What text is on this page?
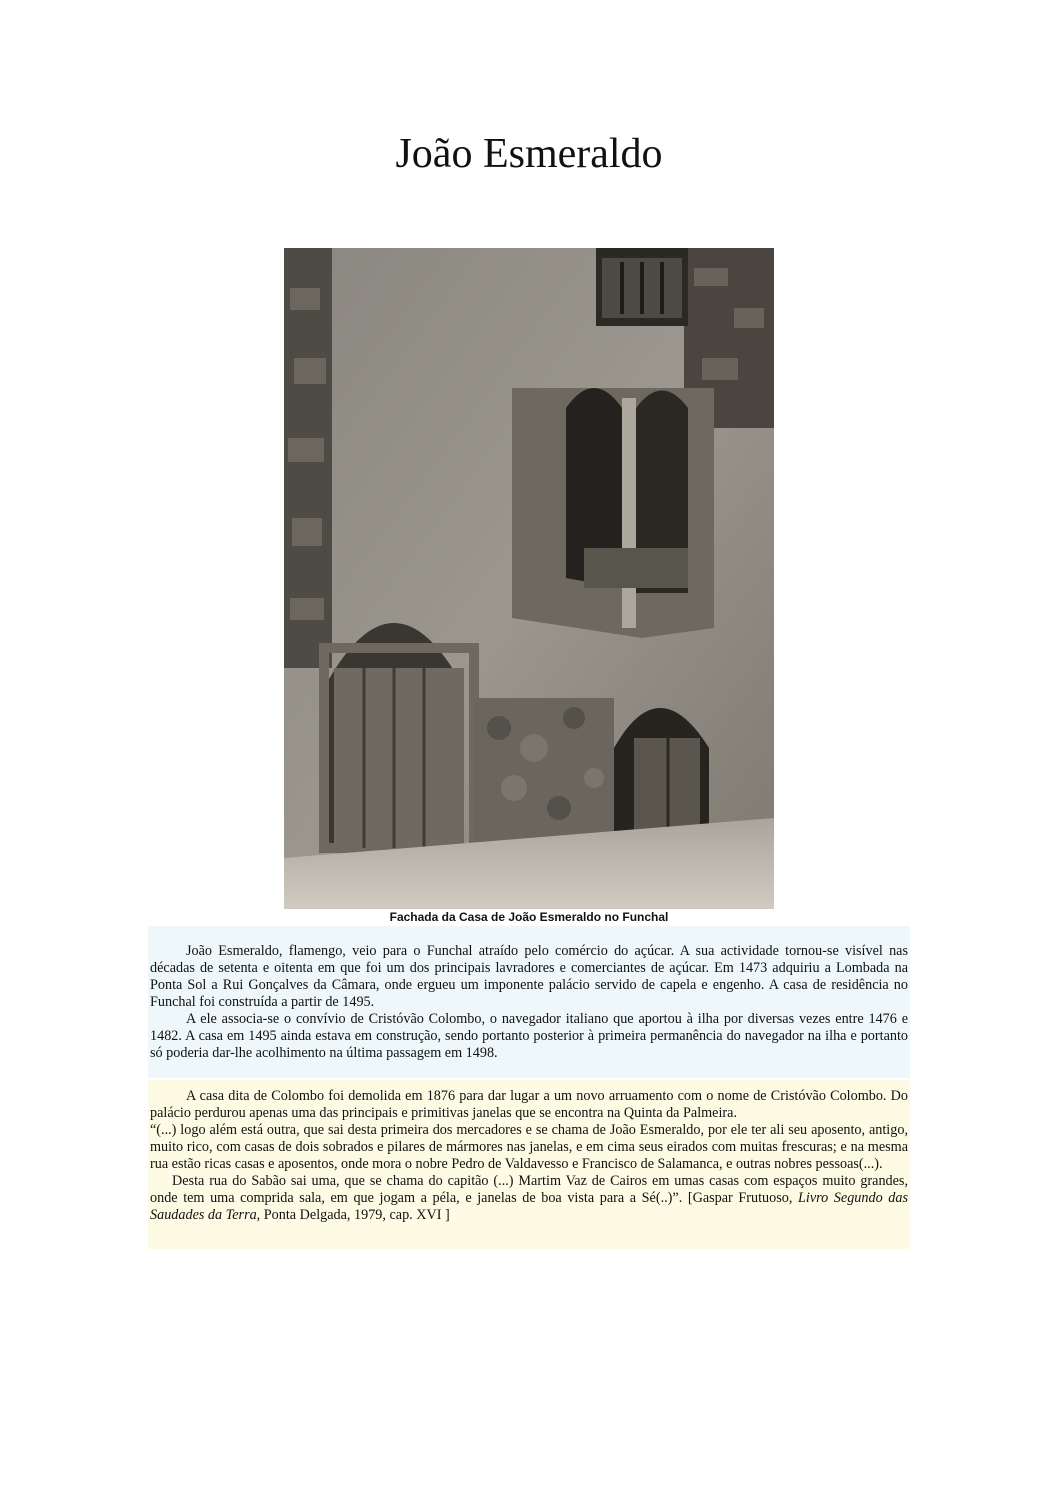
João Esmeraldo
Fachada da Casa de João Esmeraldo no Funchal

João Esmeraldo, flamengo, veio para o Funchal atraído pelo comércio do açúcar. A sua actividade tornou-se visível nas décadas de setenta e oitenta em que foi um dos principais lavradores e comerciantes de açúcar. Em 1473 adquiriu a Lombada na Ponta Sol a Rui Gonçalves da Câmara, onde ergueu um imponente palácio servido de capela e engenho. A casa de residência no Funchal foi construída a partir de 1495.

A ele associa-se o convívio de Cristóvão Colombo, o navegador italiano que aportou à ilha por diversas vezes entre 1476 e 1482. A casa em 1495 ainda estava em construção, sendo portanto posterior à primeira permanência do navegador na ilha e portanto só poderia dar-lhe acolhimento na última passagem em 1498.

A casa dita de Colombo foi demolida em 1876 para dar lugar a um novo arruamento com o nome de Cristóvão Colombo. Do palácio perdurou apenas uma das principais e primitivas janelas que se encontra na Quinta da Palmeira.

“(...) logo além está outra, que sai desta primeira dos mercadores e se chama de João Esmeraldo, por ele ter ali seu aposento, antigo, muito rico, com casas de dois sobrados e pilares de mármores nas janelas, e em cima seus eirados com muitas frescuras; e na mesma rua estão ricas casas e aposentos, onde mora o nobre Pedro de Valdavesso e Francisco de Salamanca, e outras nobres pessoas(...).

Desta rua do Sabão sai uma, que se chama do capitão (...) Martim Vaz de Cairos em umas casas com espaços muito grandes, onde tem uma comprida sala, em que jogam a péla, e janelas de boa vista para a Sé(..)”. [Gaspar Frutuoso, Livro Segundo das Saudades da Terra, Ponta Delgada, 1979, cap. XVI ]
